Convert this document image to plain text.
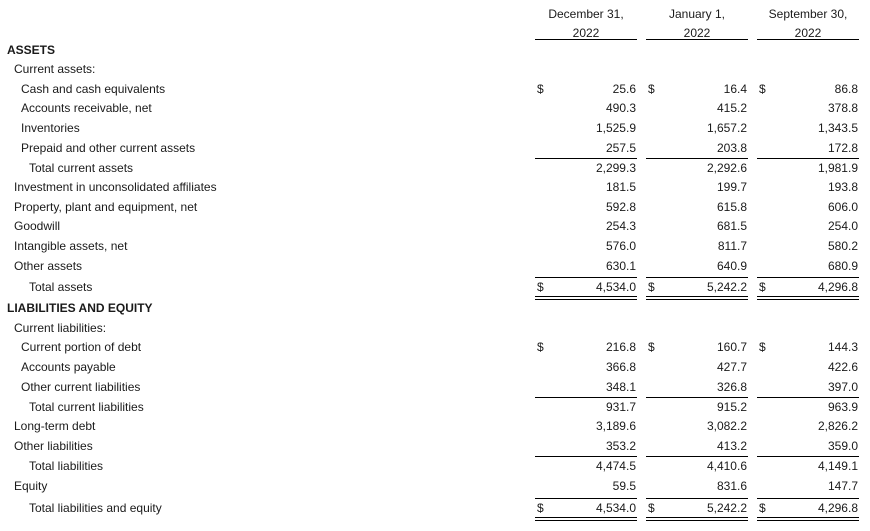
December 31,
2022
January 1,
2022
September 30,
2022
ASSETS
Current assets:
Cash and cash equivalents	$	25.6 $	16.4 $	86.8
Accounts receivable, net	490.3	415.2	378.8
Inventories	1,525.9	1,657.2	1,343.5
Prepaid and other current assets	257.5	203.8	172.8
Total current assets	2,299.3	2,292.6	1,981.9
Investment in unconsolidated affiliates	181.5	199.7	193.8
Property, plant and equipment, net	592.8	615.8	606.0
Goodwill	254.3	681.5	254.0
Intangible assets, net	576.0	811.7	580.2
Other assets	630.1	640.9	680.9
Total assets	$	4,534.0 $	5,242.2 $	4,296.8
LIABILITIES AND EQUITY
Current liabilities:
Current portion of debt	$	216.8 $	160.7 $	144.3
Accounts payable	366.8	427.7	422.6
Other current liabilities	348.1	326.8	397.0
Total current liabilities	931.7	915.2	963.9
Long-term debt	3,189.6	3,082.2	2,826.2
Other liabilities	353.2	413.2	359.0
Total liabilities	4,474.5	4,410.6	4,149.1
Equity	59.5	831.6	147.7
Total liabilities and equity	$	4,534.0 $	5,242.2 $	4,296.8
